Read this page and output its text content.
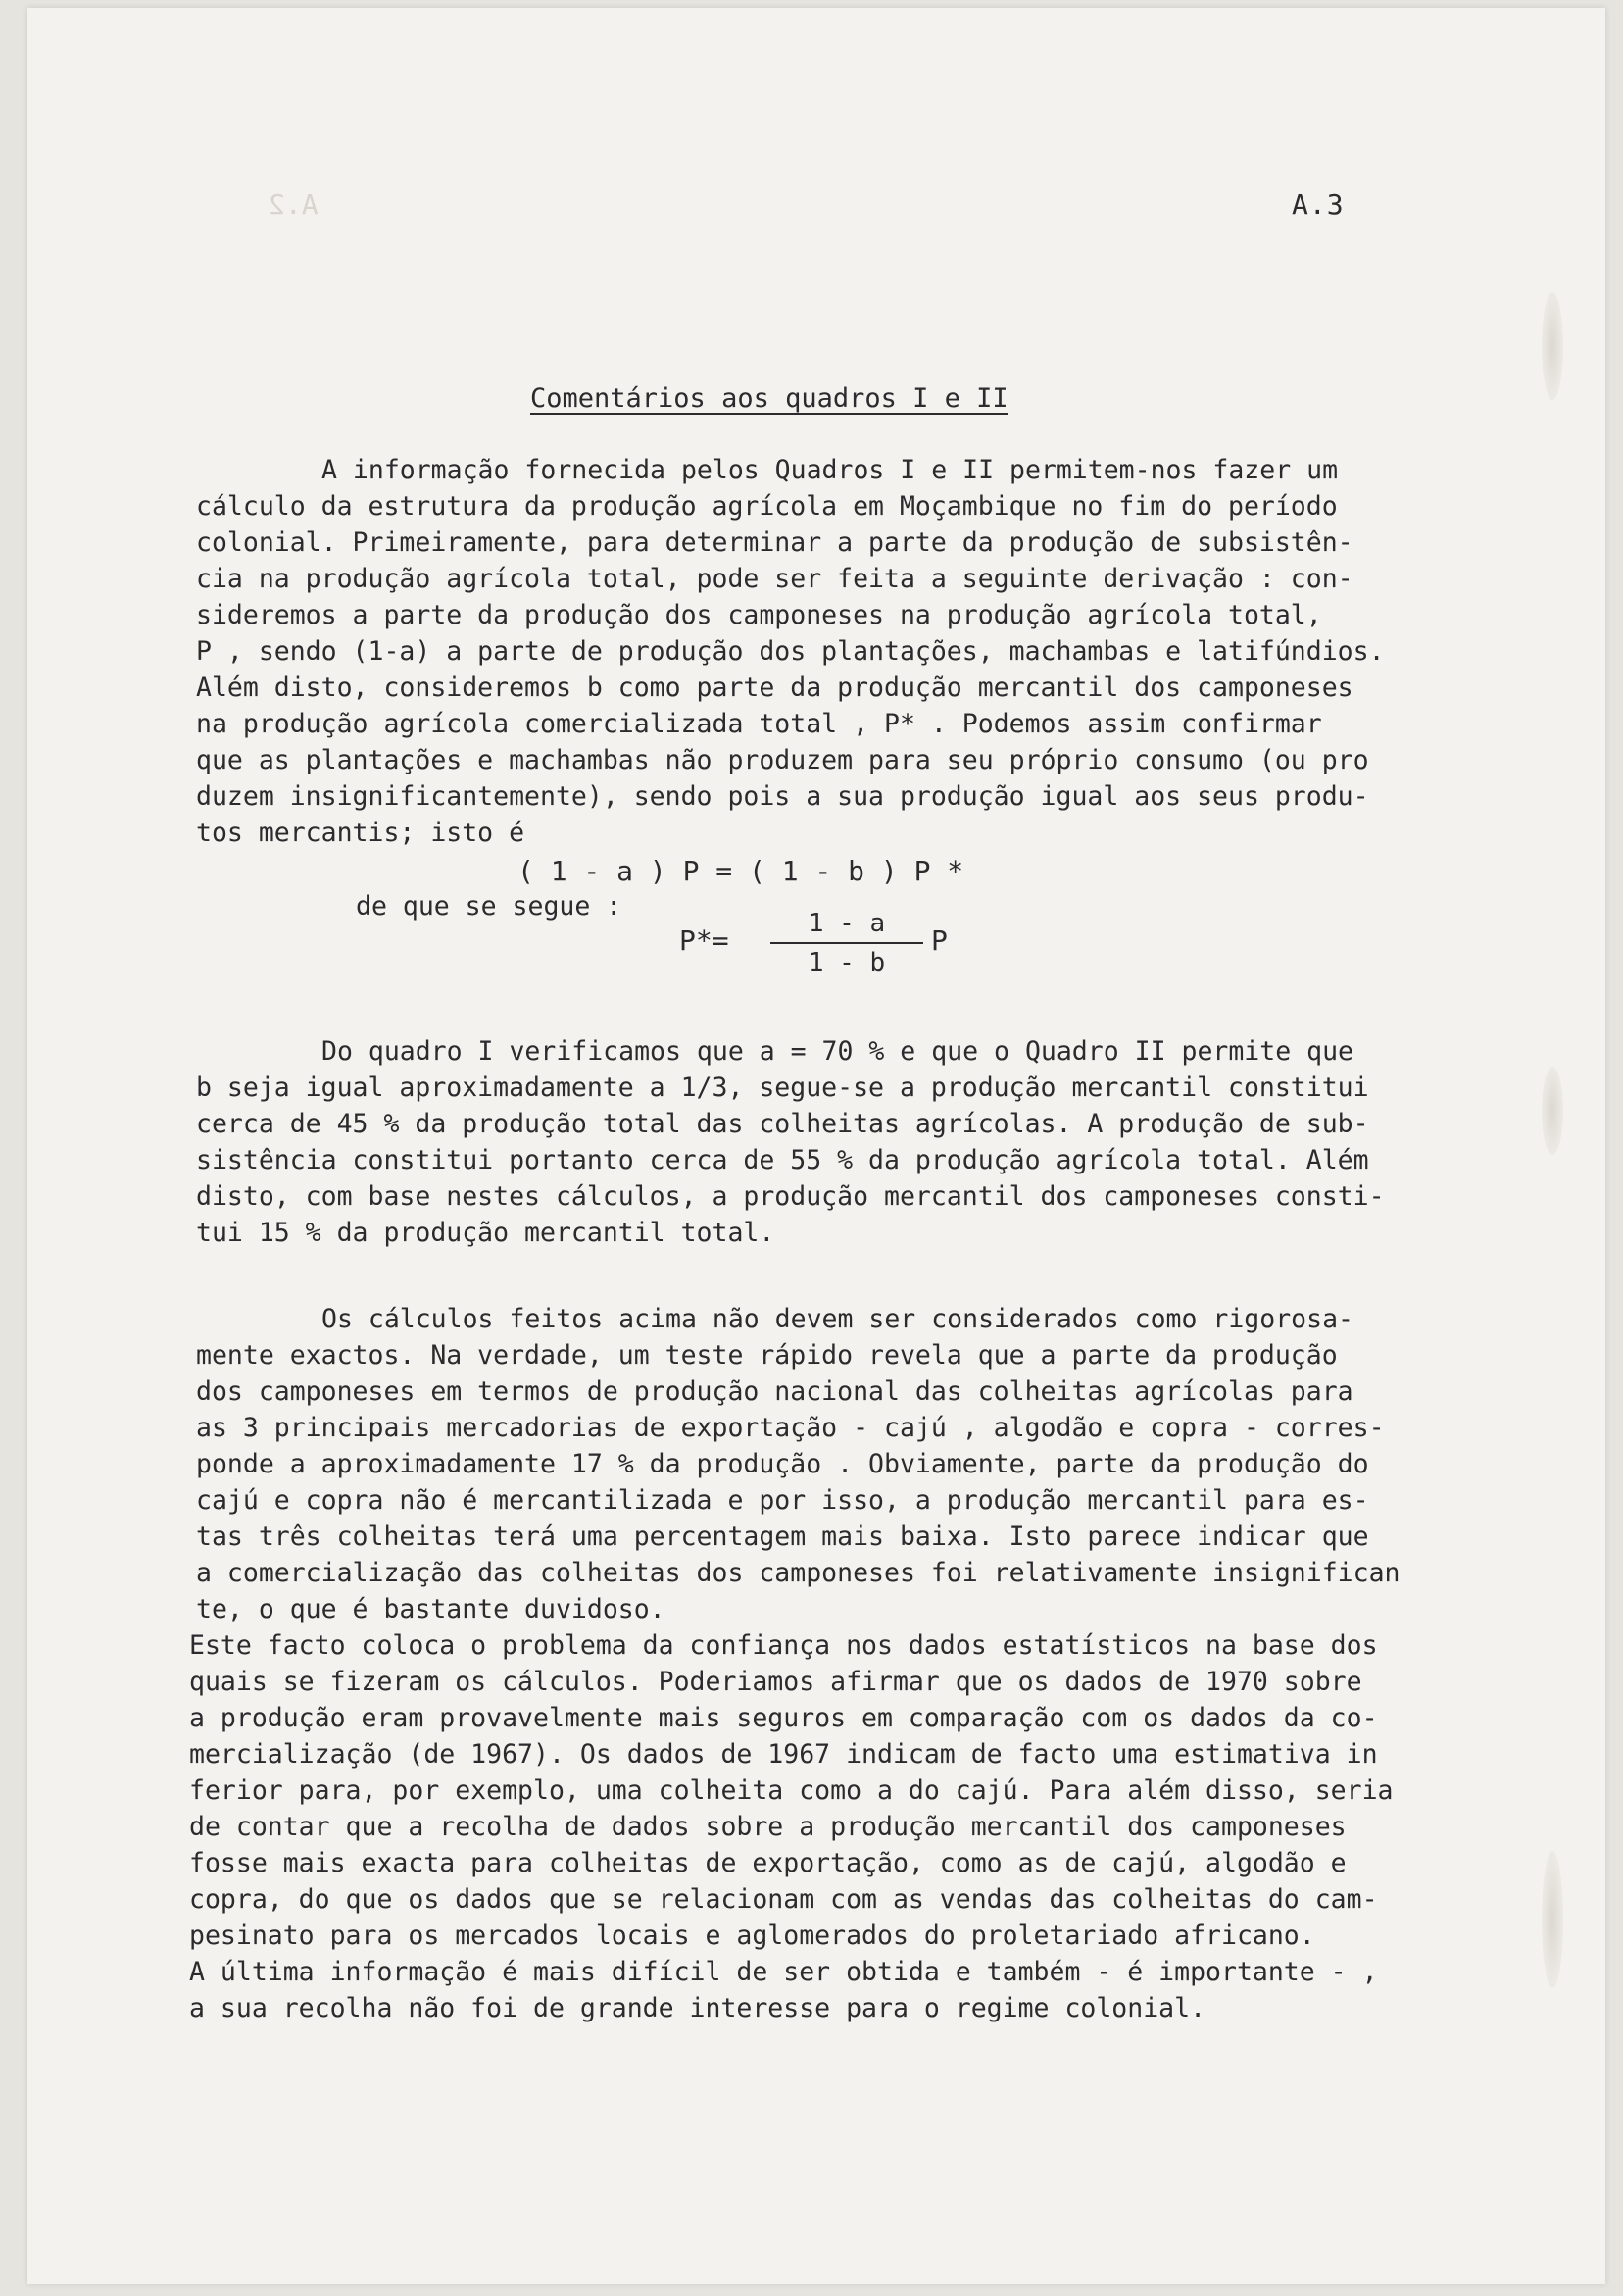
A.2	A.3
Comentários aos quadros I e II
A informação fornecida pelos Quadros I e II permitem-nos fazer um
cálculo da estrutura da produção agrícola em Moçambique no fim do período
colonial. Primeiramente, para determinar a parte da produção de subsistên-
cia na produção agrícola total, pode ser feita a seguinte derivação : con-
sideremos a parte da produção dos camponeses na produção agrícola total,
P , sendo (1-a) a parte de produção dos plantações, machambas e latifúndios.
Além disto, consideremos b como parte da produção mercantil dos camponeses
na produção agrícola comercializada total , P* . Podemos assim confirmar
que as plantações e machambas não produzem para seu próprio consumo (ou pro
duzem insignificantemente), sendo pois a sua produção igual aos seus produ-
tos mercantis; isto é
( 1 - a ) P = ( 1 - b ) P *
de que se segue :
P*=
1 - a
1 - b
P
Do quadro I verificamos que a = 70 % e que o Quadro II permite que
b seja igual aproximadamente a 1/3, segue-se a produção mercantil constitui
cerca de 45 % da produção total das colheitas agrícolas. A produção de sub-
sistência constitui portanto cerca de 55 % da produção agrícola total. Além
disto, com base nestes cálculos, a produção mercantil dos camponeses consti-
tui 15 % da produção mercantil total.
Os cálculos feitos acima não devem ser considerados como rigorosa-
mente exactos. Na verdade, um teste rápido revela que a parte da produção
dos camponeses em termos de produção nacional das colheitas agrícolas para
as 3 principais mercadorias de exportação - cajú , algodão e copra - corres-
ponde a aproximadamente 17 % da produção . Obviamente, parte da produção do
cajú e copra não é mercantilizada e por isso, a produção mercantil para es-
tas três colheitas terá uma percentagem mais baixa. Isto parece indicar que
a comercialização das colheitas dos camponeses foi relativamente insignifican
te, o que é bastante duvidoso.
Este facto coloca o problema da confiança nos dados estatísticos na base dos
quais se fizeram os cálculos. Poderiamos afirmar que os dados de 1970 sobre
a produção eram provavelmente mais seguros em comparação com os dados da co-
mercialização (de 1967). Os dados de 1967 indicam de facto uma estimativa in
ferior para, por exemplo, uma colheita como a do cajú. Para além disso, seria
de contar que a recolha de dados sobre a produção mercantil dos camponeses
fosse mais exacta para colheitas de exportação, como as de cajú, algodão e
copra, do que os dados que se relacionam com as vendas das colheitas do cam-
pesinato para os mercados locais e aglomerados do proletariado africano.
A última informação é mais difícil de ser obtida e também - é importante - ,
a sua recolha não foi de grande interesse para o regime colonial.
